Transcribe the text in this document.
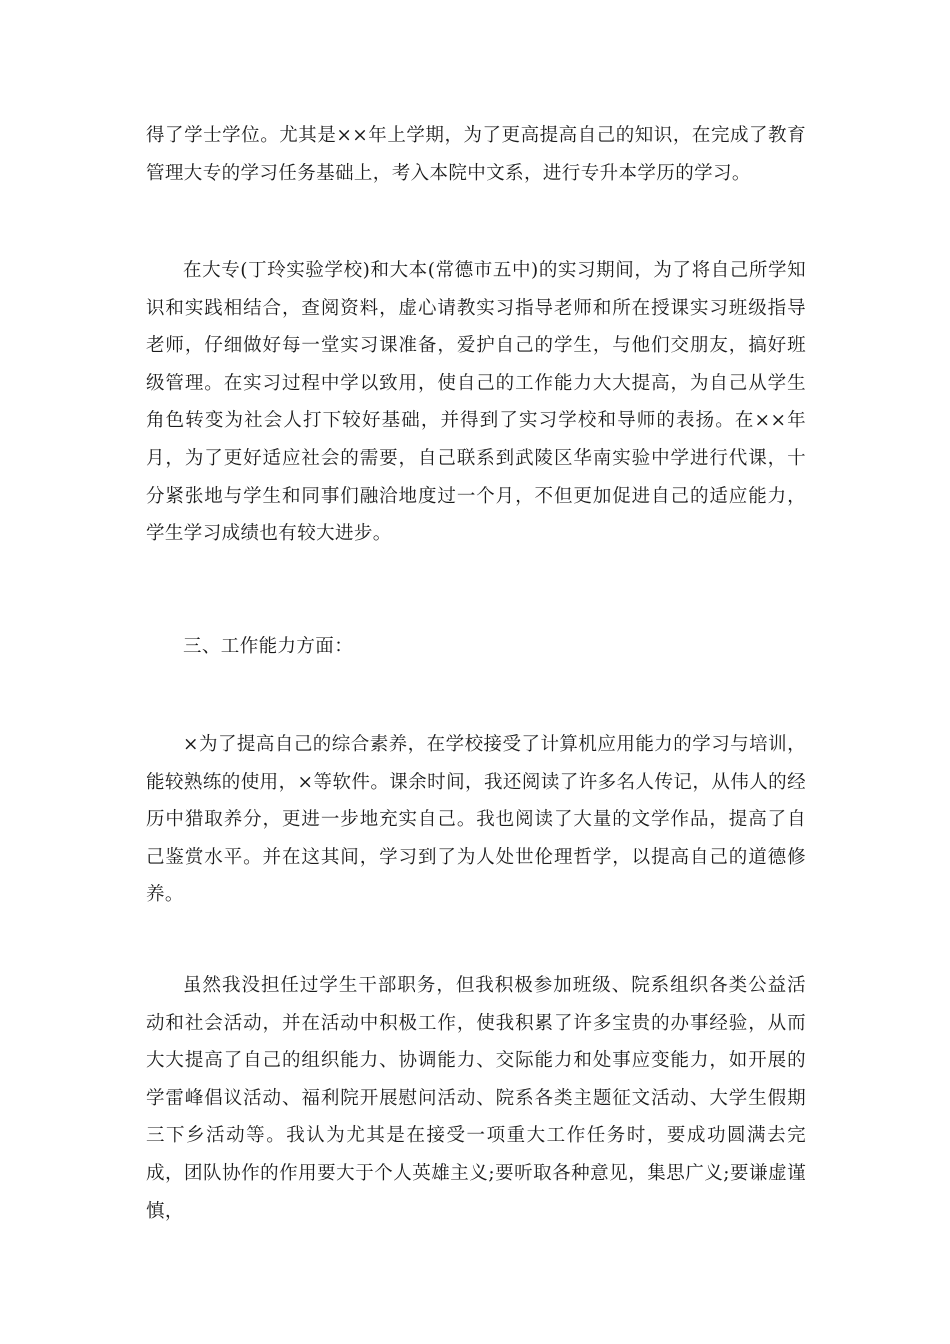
得了学士学位。尤其是××年上学期，为了更高提高自己的知识，在完成了教育管理大专的学习任务基础上，考入本院中文系，进行专升本学历的学习。

在大专(丁玲实验学校)和大本(常德市五中)的实习期间，为了将自己所学知识和实践相结合，查阅资料，虚心请教实习指导老师和所在授课实习班级指导老师，仔细做好每一堂实习课准备，爱护自己的学生，与他们交朋友，搞好班级管理。在实习过程中学以致用，使自己的工作能力大大提高，为自己从学生角色转变为社会人打下较好基础，并得到了实习学校和导师的表扬。在××年月，为了更好适应社会的需要，自己联系到武陵区华南实验中学进行代课，十分紧张地与学生和同事们融洽地度过一个月，不但更加促进自己的适应能力，学生学习成绩也有较大进步。

三、工作能力方面：

×为了提高自己的综合素养，在学校接受了计算机应用能力的学习与培训，能较熟练的使用，×等软件。课余时间，我还阅读了许多名人传记，从伟人的经历中猎取养分，更进一步地充实自己。我也阅读了大量的文学作品，提高了自己鉴赏水平。并在这其间，学习到了为人处世伦理哲学，以提高自己的道德修养。

虽然我没担任过学生干部职务，但我积极参加班级、院系组织各类公益活动和社会活动，并在活动中积极工作，使我积累了许多宝贵的办事经验，从而大大提高了自己的组织能力、协调能力、交际能力和处事应变能力，如开展的学雷峰倡议活动、福利院开展慰问活动、院系各类主题征文活动、大学生假期三下乡活动等。我认为尤其是在接受一项重大工作任务时，要成功圆满去完成，团队协作的作用要大于个人英雄主义;要听取各种意见，集思广义;要谦虚谨慎，
